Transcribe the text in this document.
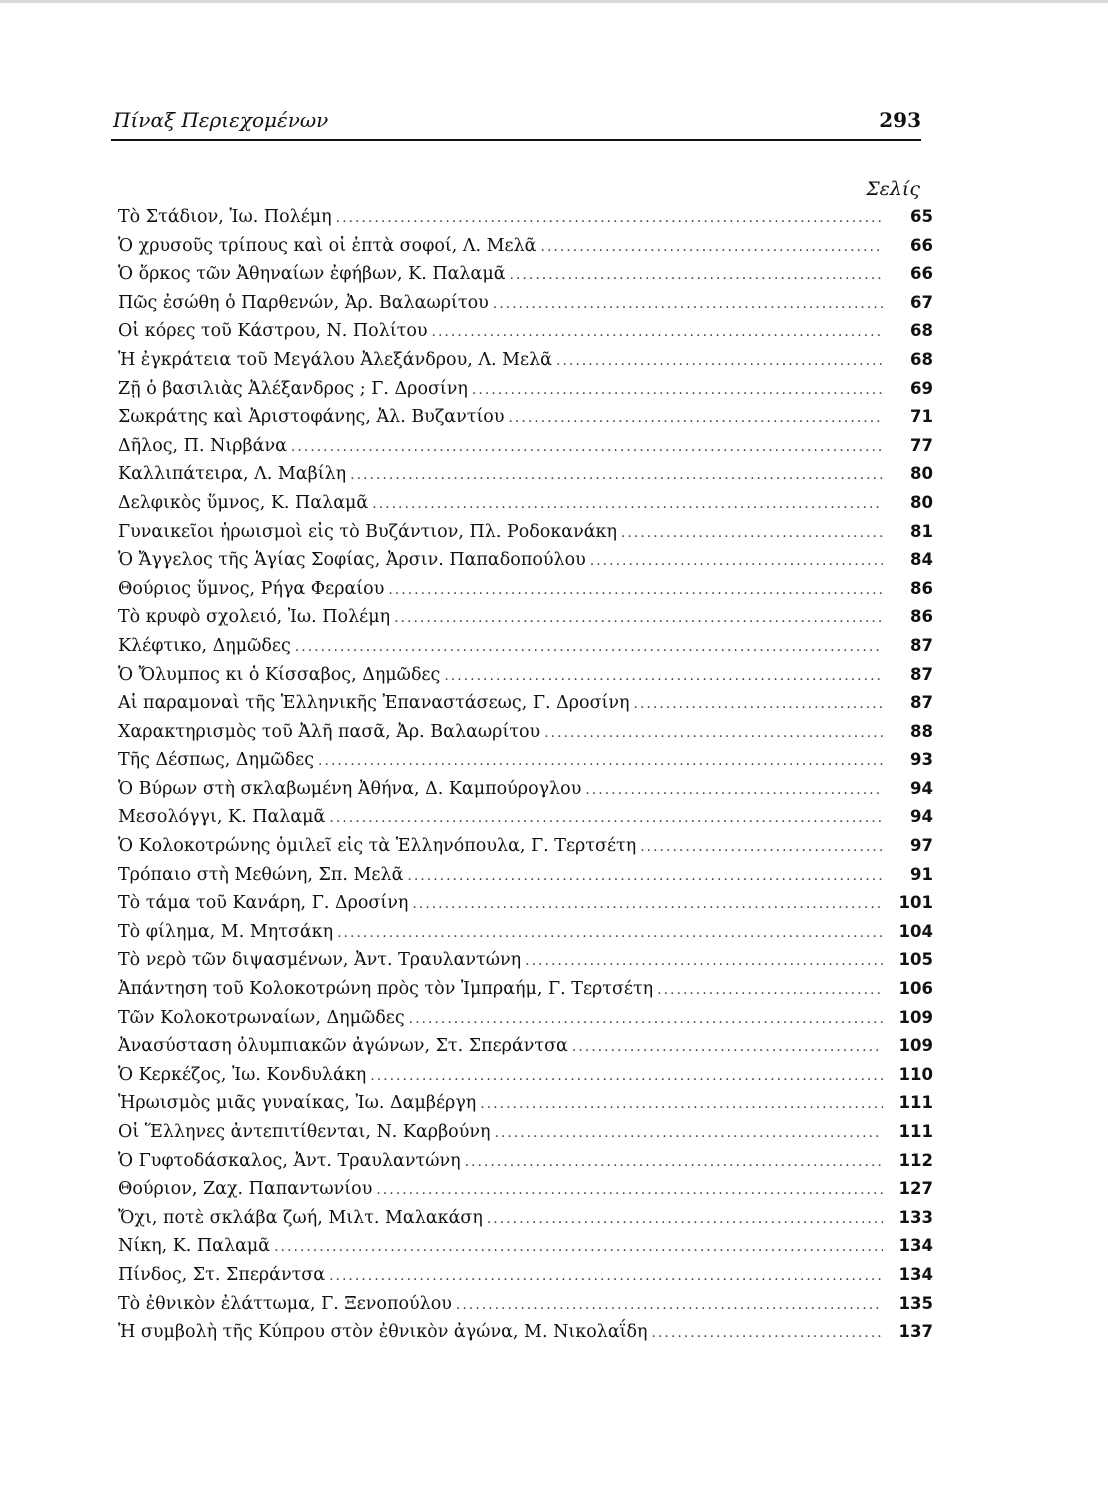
Πίναξ Περιεχομένων	293
Σελίς
Τὸ Στάδιον, Ἰω. Πολέμη .....	65
Ὁ χρυσοῦς τρίπους καὶ οἱ ἑπτὰ σοφοί, Λ. Μελᾶ .....	66
Ὁ ὅρκος τῶν Ἀθηναίων ἐφήβων, Κ. Παλαμᾶ .....	66
Πῶς ἐσώθη ὁ Παρθενών, Ἀρ. Βαλαωρίτου .....	67
Οἱ κόρες τοῦ Κάστρου, Ν. Πολίτου .....	68
Ἡ ἐγκράτεια τοῦ Μεγάλου Ἀλεξάνδρου, Λ. Μελᾶ .....	68
Ζῇ ὁ βασιλιὰς Ἀλέξανδρος ; Γ. Δροσίνη .....	69
Σωκράτης καὶ Ἀριστοφάνης, Ἀλ. Βυζαντίου .....	71
Δῆλος, Π. Νιρβάνα .....	77
Καλλιπάτειρα, Λ. Μαβίλη .....	80
Δελφικὸς ὕμνος, Κ. Παλαμᾶ .....	80
Γυναικεῖοι ἡρωισμοὶ εἰς τὸ Βυζάντιον, Πλ. Ροδοκανάκη .....	81
Ὁ Ἄγγελος τῆς Ἁγίας Σοφίας, Ἀρσιν. Παπαδοπούλου .....	84
Θούριος ὕμνος, Ρήγα Φεραίου .....	86
Τὸ κρυφὸ σχολειό, Ἰω. Πολέμη .....	86
Κλέφτικο, Δημῶδες .....	87
Ὁ Ὄλυμπος κι ὁ Κίσσαβος, Δημῶδες .....	87
Αἱ παραμοναὶ τῆς Ἑλληνικῆς Ἐπαναστάσεως, Γ. Δροσίνη .....	87
Χαρακτηρισμὸς τοῦ Ἀλῆ πασᾶ, Ἀρ. Βαλαωρίτου .....	88
Τῆς Δέσπως, Δημῶδες .....	93
Ὁ Βύρων στὴ σκλαβωμένη Ἀθήνα, Δ. Καμπούρογλου .....	94
Μεσολόγγι, Κ. Παλαμᾶ .....	94
Ὁ Κολοκοτρώνης ὁμιλεῖ εἰς τὰ Ἑλληνόπουλα, Γ. Τερτσέτη .....	97
Τρόπαιο στὴ Μεθώνη, Σπ. Μελᾶ .....	91
Τὸ τάμα τοῦ Κανάρη, Γ. Δροσίνη .....	101
Τὸ φίλημα, Μ. Μητσάκη .....	104
Τὸ νερὸ τῶν διψασμένων, Ἀντ. Τραυλαντώνη .....	105
Ἀπάντηση τοῦ Κολοκοτρώνη πρὸς τὸν Ἰμπραήμ, Γ. Τερτσέτη .....	106
Τῶν Κολοκοτρωναίων, Δημῶδες .....	109
Ἀνασύσταση ὀλυμπιακῶν ἀγώνων, Στ. Σπεράντσα .....	109
Ὁ Κερκέζος, Ἰω. Κονδυλάκη .....	110
Ἡρωισμὸς μιᾶς γυναίκας, Ἰω. Δαμβέργη .....	111
Οἱ Ἕλληνες ἀντεπιτίθενται, Ν. Καρβούνη .....	111
Ὁ Γυφτοδάσκαλος, Ἀντ. Τραυλαντώνη .....	112
Θούριον, Ζαχ. Παπαντωνίου .....	127
Ὄχι, ποτὲ σκλάβα ζωή, Μιλτ. Μαλακάση .....	133
Νίκη, Κ. Παλαμᾶ .....	134
Πίνδος, Στ. Σπεράντσα .....	134
Τὸ ἐθνικὸν ἐλάττωμα, Γ. Ξενοπούλου .....	135
Ἡ συμβολὴ τῆς Κύπρου στὸν ἐθνικὸν ἀγώνα, Μ. Νικολαΐδη .....	137
